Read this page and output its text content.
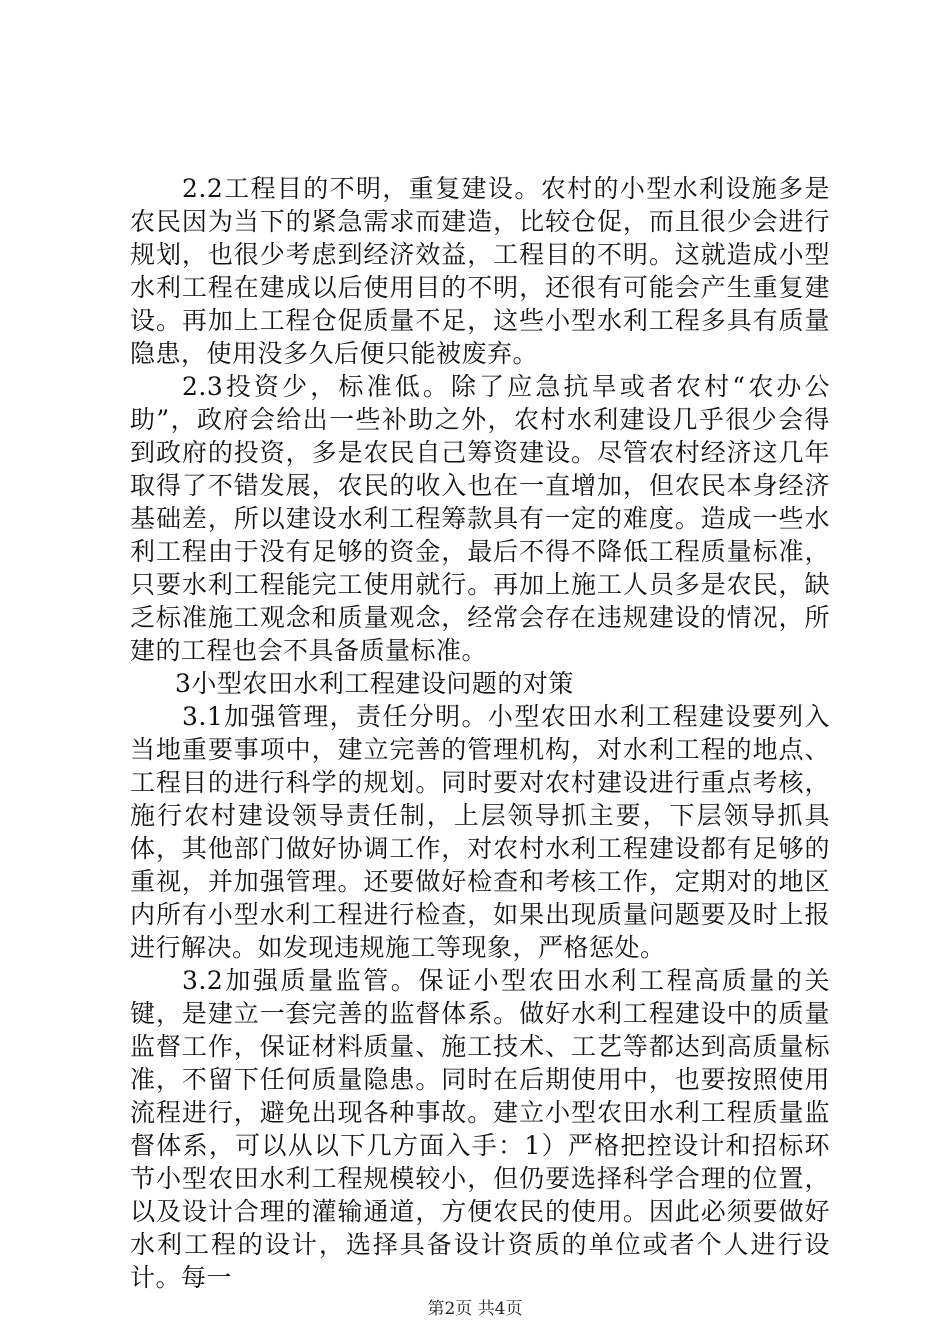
2.2工程目的不明，重复建设。农村的小型水利设施多是农民因为当下的紧急需求而建造，比较仓促，而且很少会进行规划，也很少考虑到经济效益，工程目的不明。这就造成小型水利工程在建成以后使用目的不明，还很有可能会产生重复建设。再加上工程仓促质量不足，这些小型水利工程多具有质量隐患，使用没多久后便只能被废弃。

2.3投资少，标准低。除了应急抗旱或者农村“农办公助”，政府会给出一些补助之外，农村水利建设几乎很少会得到政府的投资，多是农民自己筹资建设。尽管农村经济这几年取得了不错发展，农民的收入也在一直增加，但农民本身经济基础差，所以建设水利工程筹款具有一定的难度。造成一些水利工程由于没有足够的资金，最后不得不降低工程质量标准，只要水利工程能完工使用就行。再加上施工人员多是农民，缺乏标准施工观念和质量观念，经常会存在违规建设的情况，所建的工程也会不具备质量标准。

3小型农田水利工程建设问题的对策

3.1加强管理，责任分明。小型农田水利工程建设要列入当地重要事项中，建立完善的管理机构，对水利工程的地点、工程目的进行科学的规划。同时要对农村建设进行重点考核，施行农村建设领导责任制，上层领导抓主要，下层领导抓具体，其他部门做好协调工作，对农村水利工程建设都有足够的重视，并加强管理。还要做好检查和考核工作，定期对的地区内所有小型水利工程进行检查，如果出现质量问题要及时上报进行解决。如发现违规施工等现象，严格惩处。

3.2加强质量监管。保证小型农田水利工程高质量的关键，是建立一套完善的监督体系。做好水利工程建设中的质量监督工作，保证材料质量、施工技术、工艺等都达到高质量标准，不留下任何质量隐患。同时在后期使用中，也要按照使用流程进行，避免出现各种事故。建立小型农田水利工程质量监督体系，可以从以下几方面入手：1）严格把控设计和招标环节小型农田水利工程规模较小，但仍要选择科学合理的位置，以及设计合理的灌输通道，方便农民的使用。因此必须要做好水利工程的设计，选择具备设计资质的单位或者个人进行设计。每一

第2页 共4页
